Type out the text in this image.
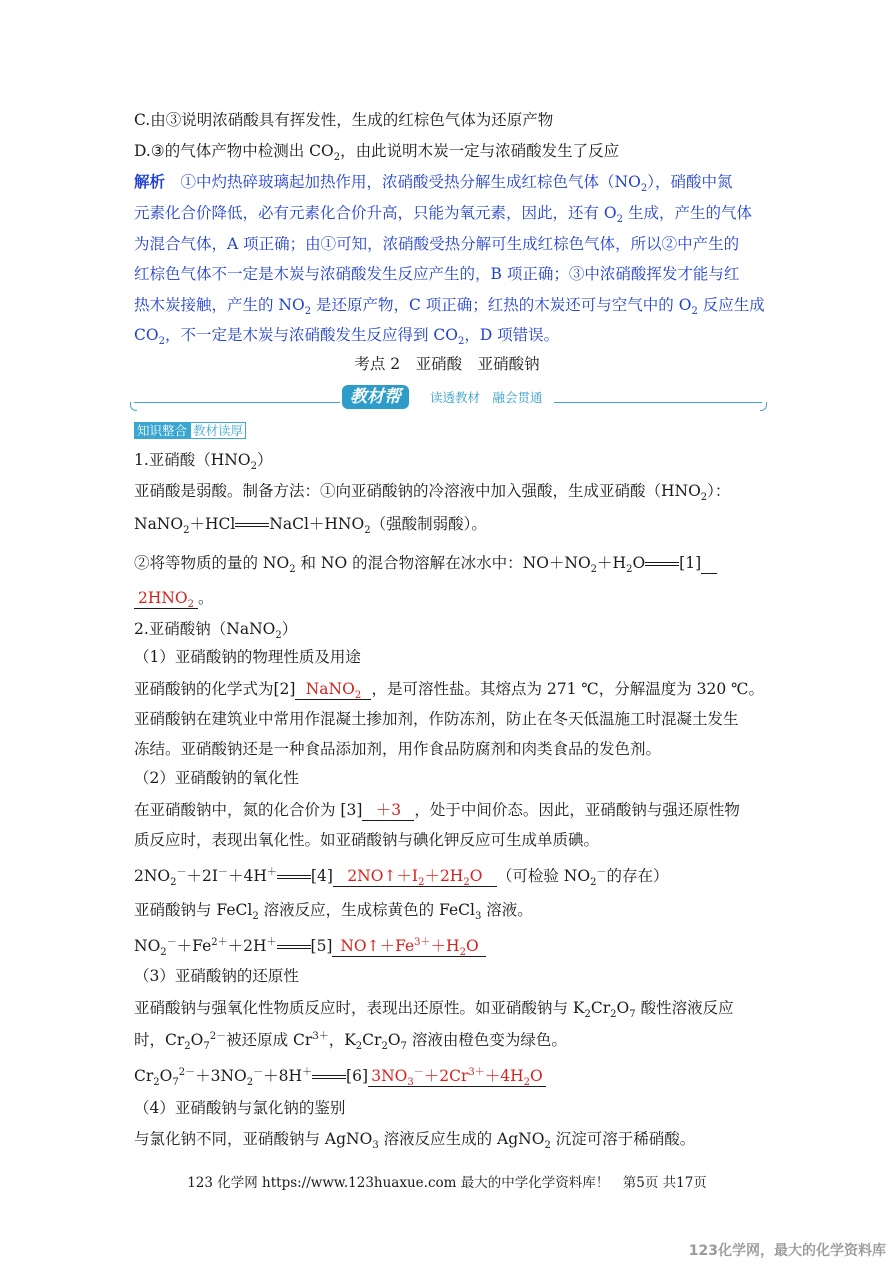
C.由③说明浓硝酸具有挥发性，生成的红棕色气体为还原产物
D.③的气体产物中检测出 $CO_2$，由此说明木炭一定与浓硝酸发生了反应
解析　 ①中灼热碎玻璃起加热作用，浓硝酸受热分解生成红棕色气体$(NO_2)$，硝酸中氮
元素化合价降低，必有元素化合价升高，只能为氧元素，因此，还有 $O_2$ 生成，产生的气体
为混合气体，A 项正确；由①可知，浓硝酸受热分解可生成红棕色气体，所以②中产生的
红棕色气体不一定是木炭与浓硝酸发生反应产生的，B 项正确；③中浓硝酸挥发才能与红
热木炭接触，产生的 $NO_2$ 是还原产物，C 项正确；红热的木炭还可与空气中的 $O_2$ 反应生成
$CO_2$，不一定是木炭与浓硝酸发生反应得到 $CO_2$，D 项错误。
考点 2　亚硝酸　亚硝酸钠
教材帮	读透教材　融会贯通
知识整合 教材读厚
1.亚硝酸$(HNO_2)$
亚硝酸是弱酸。制备方法：①向亚硝酸钠的冷溶液中加入强酸，生成亚硝酸$(HNO_2)$：
NaNO$_2$＋HCl $NaCl+HNO_2$（强酸制弱酸）。
②将等物质的量的 $NO_2$ 和 NO 的混合物溶解在冰水中：$NO+NO_2+H_2O$ [1]
$2HNO_2$ 。
2.亚硝酸钠（NaNO$_2$）
（1）亚硝酸钠的物理性质及用途
亚硝酸钠的化学式为[2] NaNO$_2$ ，是可溶性盐。其熔点为 271 ℃，分解温度为 320 ℃。
亚硝酸钠在建筑业中常用作混凝土掺加剂，作防冻剂，防止在冬天低温施工时混凝土发生
冻结。亚硝酸钠还是一种食品添加剂，用作食品防腐剂和肉类食品的发色剂。
（2）亚硝酸钠的氧化性
在亚硝酸钠中，氮的化合价为 [3] ＋3 ，处于中间价态。因此，亚硝酸钠与强还原性物
质反应时，表现出氧化性。如亚硝酸钠与碘化钾反应可生成单质碘。
$2NO_2^-+2I^-+4H^+$ [4] $2NO↑+I_2+2H_2O$ （可检验 $NO_2^-$的存在）
亚硝酸钠与 FeCl$_2$ 溶液反应，生成棕黄色的 FeCl$_3$ 溶液。
$NO_2^-+Fe^{2+}+2H^+$ [5] $NO↑+Fe^{3+}+H_2O$
（3）亚硝酸钠的还原性
亚硝酸钠与强氧化性物质反应时，表现出还原性。如亚硝酸钠与 $K_2Cr_2O_7$ 酸性溶液反应
时，$Cr_2O_7^{2-}$被还原成 $Cr^{3+}$，$K_2Cr_2O_7$ 溶液由橙色变为绿色。
$Cr_2O_7^{2-}+3NO_2^-+8H^+$ [6] $3NO_3^-+2Cr^{3+}+4H_2O$
（4）亚硝酸钠与氯化钠的鉴别
与氯化钠不同，亚硝酸钠与 AgNO$_3$ 溶液反应生成的 AgNO$_2$ 沉淀可溶于稀硝酸。
123 化学网 https://www.123huaxue.com 最大的中学化学资料库！　第5页 共17页
123化学网，最大的化学资料库
